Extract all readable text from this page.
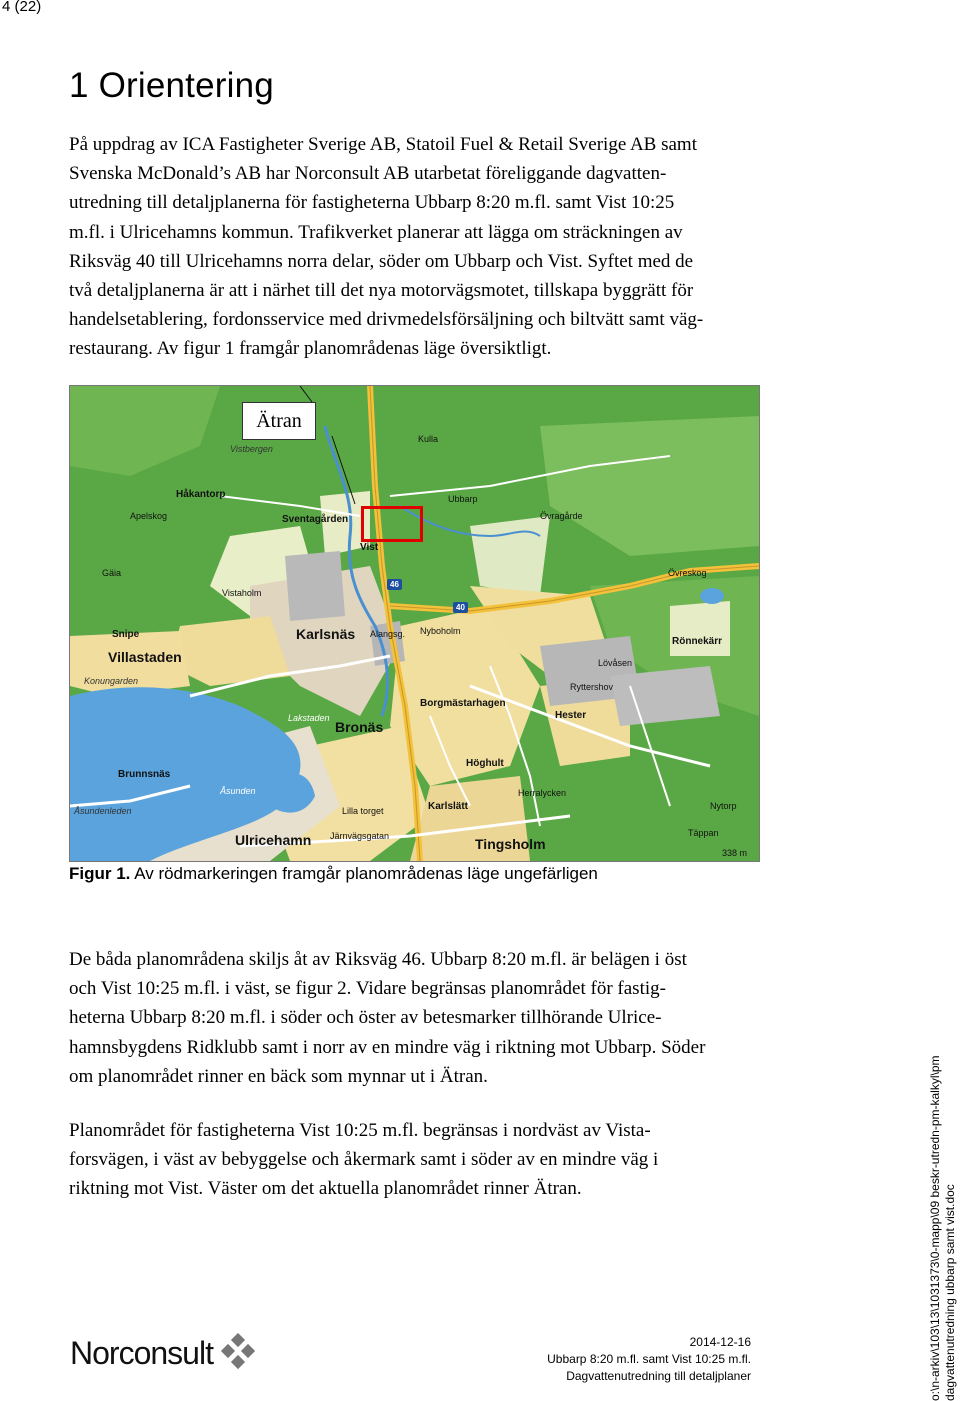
4 (22)
1 Orientering

På uppdrag av ICA Fastigheter Sverige AB, Statoil Fuel & Retail Sverige AB samt
Svenska McDonald’s AB har Norconsult AB utarbetat föreliggande dagvatten-
utredning till detaljplanerna för fastigheterna Ubbarp 8:20 m.fl. samt Vist 10:25
m.fl. i Ulricehamns kommun. Trafikverket planerar att lägga om sträckningen av
Riksväg 40 till Ulricehamns norra delar, söder om Ubbarp och Vist. Syftet med de
två detaljplanerna är att i närhet till det nya motorvägsmotet, tillskapa byggrätt för
handelsetablering, fordonsservice med drivmedelsförsäljning och biltvätt samt väg-
restaurang. Av figur 1 framgår planområdenas läge översiktligt.

Ätran
Vistbergen
Kulla
Håkantorp	Ubbarp
Apelskog	Sventagården	Övragårde
Vist
Gäia	Övreskog
Vistaholm
Snipe	Karlsnäs Alangsg. Nyboholm
Rönnekärr
Villastaden	Lövåsen
Konungarden
Ryttershov
Borgmästarhagen
Lakstaden
Bronäs
Hester
Höghult
Brunnsnäs
Herralycken
Åsunden
Karlslätt	Nytorp
Åsundenleden	Lilla torget
Täppan
Ulricehamn Järnvägsgatan	Tingsholm
338 m
46
40
Figur 1. Av rödmarkeringen framgår planområdenas läge ungefärligen

De båda planområdena skiljs åt av Riksväg 46. Ubbarp 8:20 m.fl. är belägen i öst
och Vist 10:25 m.fl. i väst, se figur 2. Vidare begränsas planområdet för fastig-
heterna Ubbarp 8:20 m.fl. i söder och öster av betesmarker tillhörande Ulrice-
hamnsbygdens Ridklubb samt i norr av en mindre väg i riktning mot Ubbarp. Söder
om planområdet rinner en bäck som mynnar ut i Ätran.

Planområdet för fastigheterna Vist 10:25 m.fl. begränsas i nordväst av Vista-
forsvägen, i väst av bebyggelse och åkermark samt i söder av en mindre väg i
riktning mot Vist. Väster om det aktuella planområdet rinner Ätran.	o:\n-arkiv\103\13\1031373\0-mapp\09 beskr-utredn-pm-kalkyl\pm dagvattenutredning ubbarp samt vist.doc
Norconsult	2014-12-16
Ubbarp 8:20 m.fl. samt Vist 10:25 m.fl.
Dagvattenutredning till detaljplaner
